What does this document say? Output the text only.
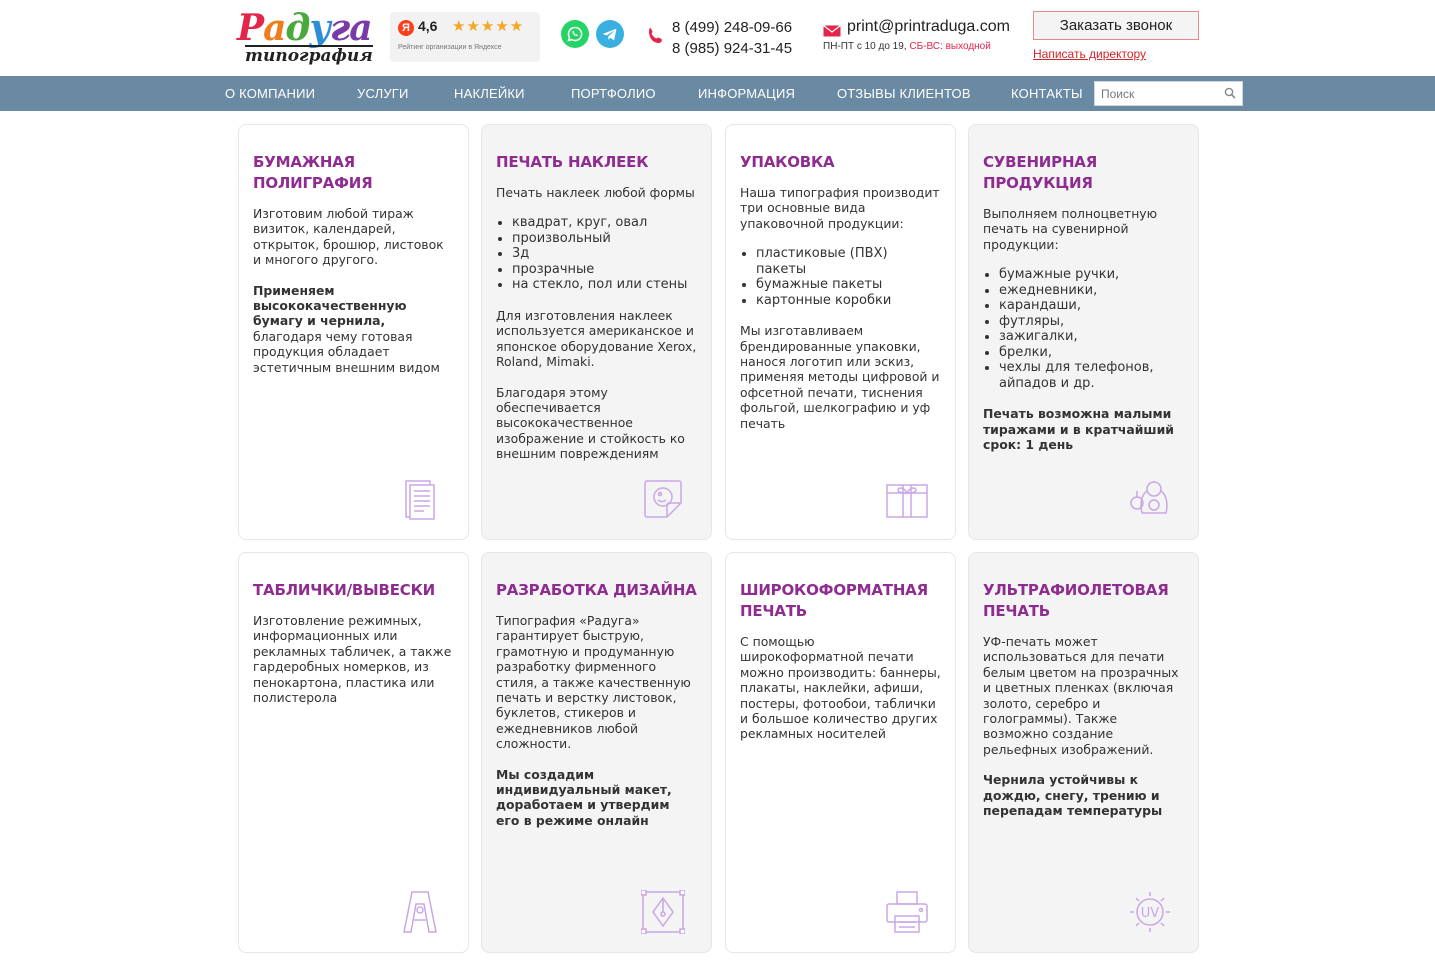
Радуга
типография
Я 4,6 ★★★★★
Рейтинг организации в Яндексе
8 (499) 248-09-66
8 (985) 924-31-45
print@printraduga.com
ПН-ПТ с 10 до 19, СБ-ВС: выходной
Заказать звонок
Написать директору
О КОМПАНИИ	УСЛУГИ	НАКЛЕЙКИ	ПОРТФОЛИО	ИНФОРМАЦИЯ	ОТЗЫВЫ КЛИЕНТОВ	КОНТАКТЫ
Поиск
БУМАЖНАЯ ПОЛИГРАФИЯ

Изготовим любой тираж визиток, календарей, открыток, брошюр, листовок и многого другого.

Применяем высококачественную бумагу и чернила, благодаря чему готовая продукция обладает эстетичным внешним видом

ПЕЧАТЬ НАКЛЕЕК

Печать наклеек любой формы

• квадрат, круг, овал
• произвольный
• 3д
• прозрачные
• на стекло, пол или стены

Для изготовления наклеек используется американское и японское оборудование Xerox, Roland, Mimaki.

Благодаря этому обеспечивается высококачественное изображение и стойкость ко внешним повреждениям

УПАКОВКА

Наша типография производит три основные вида упаковочной продукции:

• пластиковые (ПВХ) пакеты
• бумажные пакеты
• картонные коробки

Мы изготавливаем брендированные упаковки, нанося логотип или эскиз, применяя методы цифровой и офсетной печати, тиснения фольгой, шелкографию и уф печать

СУВЕНИРНАЯ ПРОДУКЦИЯ

Выполняем полноцветную печать на сувенирной продукции:

• бумажные ручки,
• ежедневники,
• карандаши,
• футляры,
• зажигалки,
• брелки,
• чехлы для телефонов, айпадов и др.

Печать возможна малыми тиражами и в кратчайший срок: 1 день

ТАБЛИЧКИ/ВЫВЕСКИ

Изготовление режимных, информационных или рекламных табличек, а также гардеробных номерков, из пенокартона, пластика или полистерола

РАЗРАБОТКА ДИЗАЙНА

Типография «Радуга» гарантирует быструю, грамотную и продуманную разработку фирменного стиля, а также качественную печать и верстку листовок, буклетов, стикеров и ежедневников любой сложности.

Мы создадим индивидуальный макет, доработаем и утвердим его в режиме онлайн

ШИРОКОФОРМАТНАЯ ПЕЧАТЬ

С помощью широкоформатной печати можно производить: баннеры, плакаты, наклейки, афиши, постеры, фотообои, таблички и большое количество других рекламных носителей

УЛЬТРАФИОЛЕТОВАЯ ПЕЧАТЬ

УФ-печать может использоваться для печати белым цветом на прозрачных и цветных пленках (включая золото, серебро и голограммы). Также возможно создание рельефных изображений.

Чернила устойчивы к дождю, снегу, трению и перепадам температуры

UV
